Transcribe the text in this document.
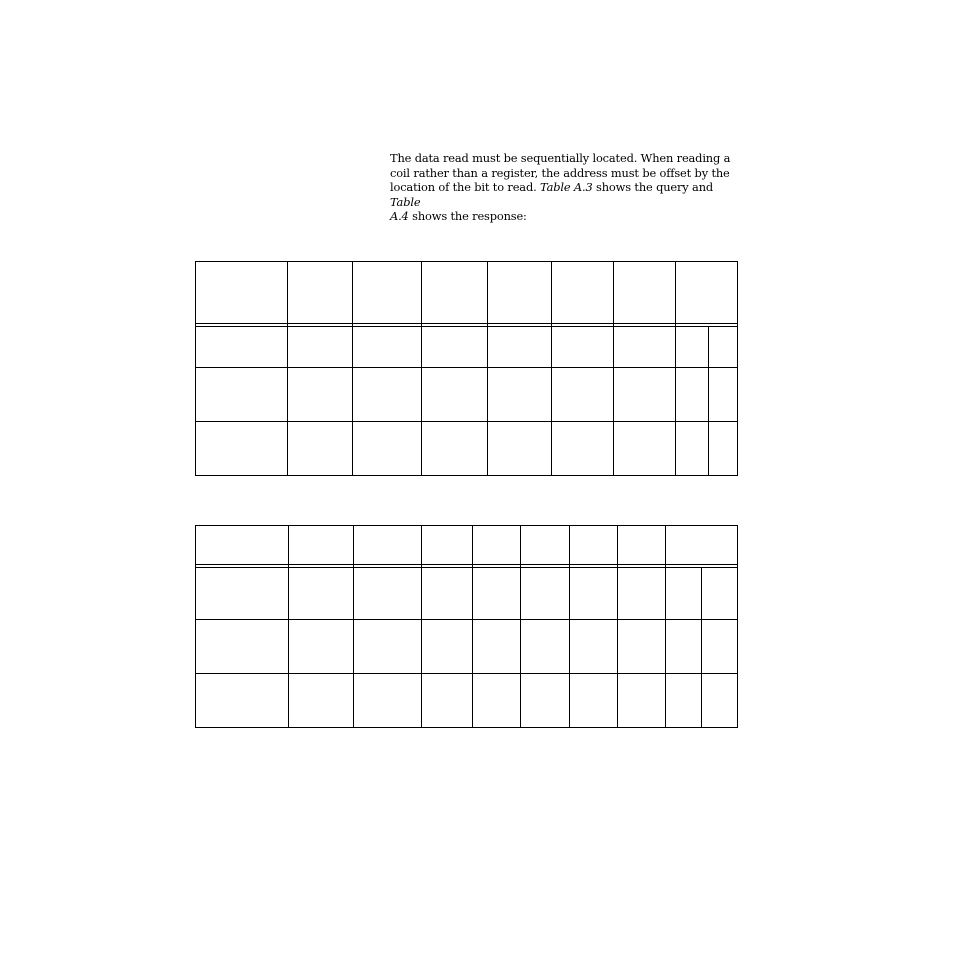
The data read must be sequentially located. When reading a

coil rather than a register, the address must be offset by the

location of the bit to read. Table A.3 shows the query and Table

A.4 shows the response:
